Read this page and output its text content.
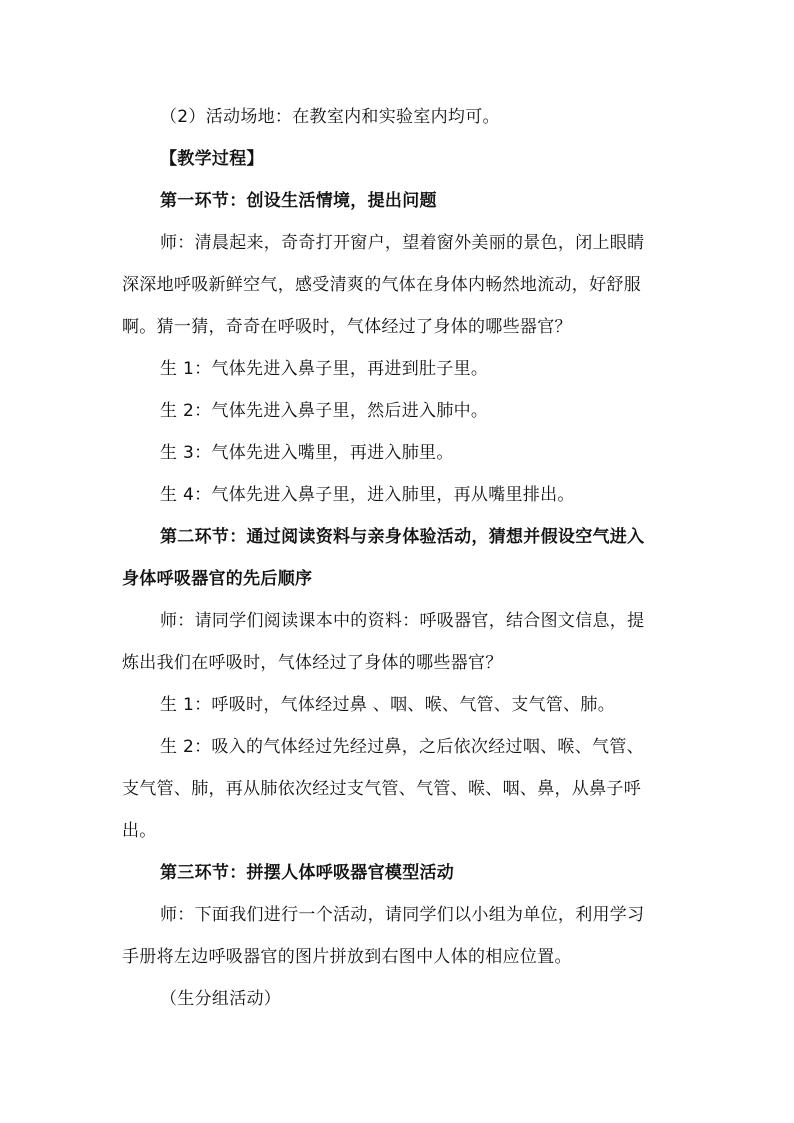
（2）活动场地：在教室内和实验室内均可。
【教学过程】
第一环节：创设生活情境，提出问题
师：清晨起来，奇奇打开窗户，望着窗外美丽的景色，闭上眼睛
深深地呼吸新鲜空气，感受清爽的气体在身体内畅然地流动，好舒服
啊。猜一猜，奇奇在呼吸时，气体经过了身体的哪些器官？
生 1：气体先进入鼻子里，再进到肚子里。
生 2：气体先进入鼻子里，然后进入肺中。
生 3：气体先进入嘴里，再进入肺里。
生 4：气体先进入鼻子里，进入肺里，再从嘴里排出。
第二环节：通过阅读资料与亲身体验活动，猜想并假设空气进入
身体呼吸器官的先后顺序
师：请同学们阅读课本中的资料：呼吸器官，结合图文信息，提
炼出我们在呼吸时，气体经过了身体的哪些器官？
生 1：呼吸时，气体经过鼻 、咽、喉、气管、支气管、肺。
生 2：吸入的气体经过先经过鼻，之后依次经过咽、喉、气管、
支气管、肺，再从肺依次经过支气管、气管、喉、咽、鼻，从鼻子呼
出。
第三环节：拼摆人体呼吸器官模型活动
师：下面我们进行一个活动，请同学们以小组为单位，利用学习
手册将左边呼吸器官的图片拼放到右图中人体的相应位置。
（生分组活动）
